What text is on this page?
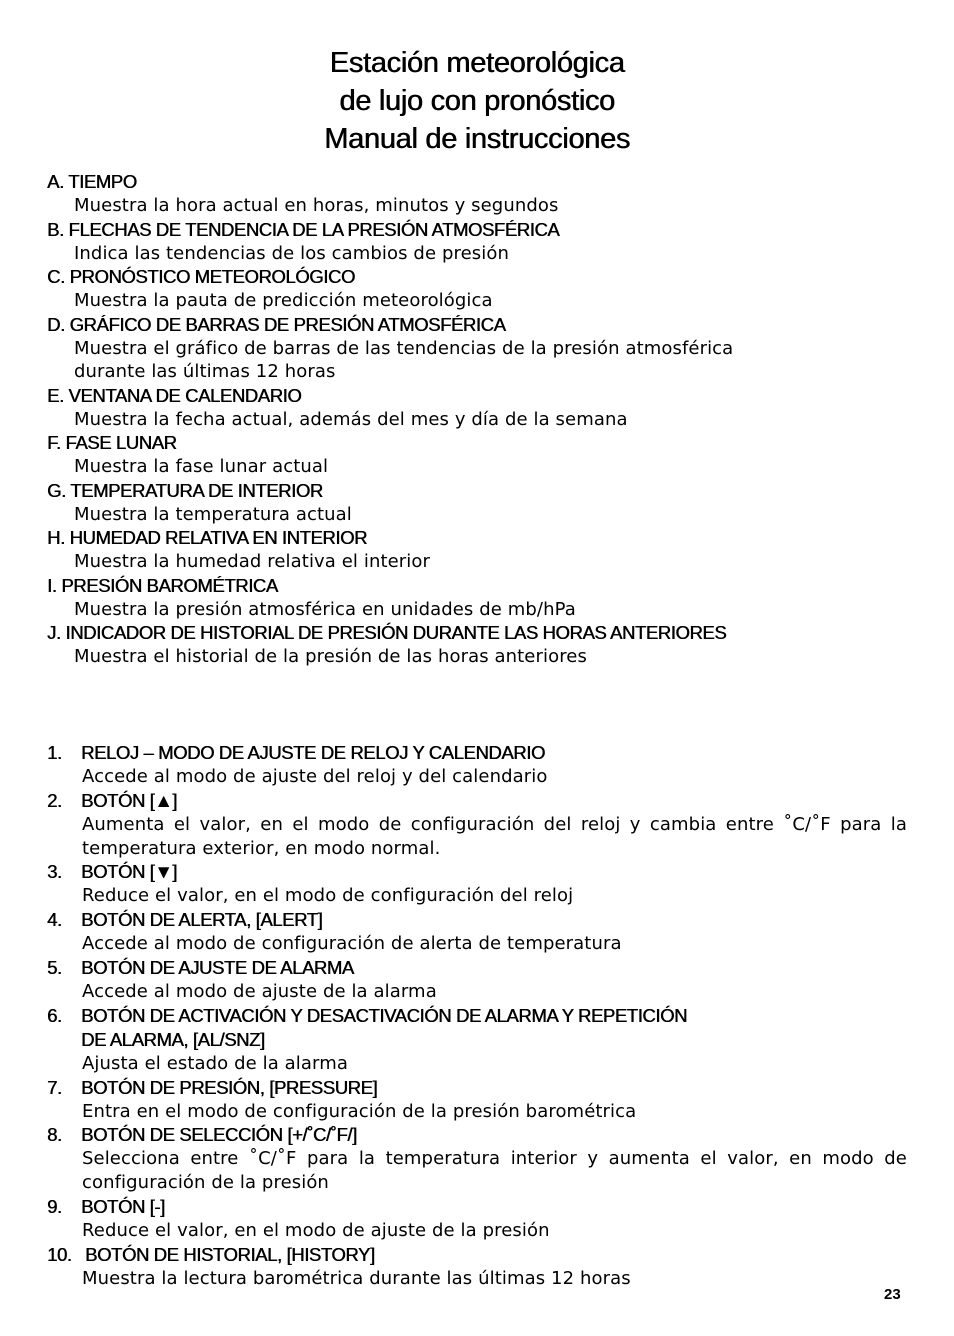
Estación meteorológica
de lujo con pronóstico
Manual de instrucciones
A. TIEMPO
Muestra la hora actual en horas, minutos y segundos
B. FLECHAS DE TENDENCIA DE LA PRESIÓN ATMOSFÉRICA
Indica las tendencias de los cambios de presión
C. PRONÓSTICO METEOROLÓGICO
Muestra la pauta de predicción meteorológica
D. GRÁFICO DE BARRAS DE PRESIÓN ATMOSFÉRICA
Muestra el gráfico de barras de las tendencias de la presión atmosférica
durante las últimas 12 horas
E. VENTANA DE CALENDARIO
Muestra la fecha actual, además del mes y día de la semana
F. FASE LUNAR
Muestra la fase lunar actual
G. TEMPERATURA DE INTERIOR
Muestra la temperatura actual
H. HUMEDAD RELATIVA EN INTERIOR
Muestra la humedad relativa el interior
I. PRESIÓN BAROMÉTRICA
Muestra la presión atmosférica en unidades de mb/hPa
J. INDICADOR DE HISTORIAL DE PRESIÓN DURANTE LAS HORAS ANTERIORES
Muestra el historial de la presión de las horas anteriores
1.	RELOJ – MODO DE AJUSTE DE RELOJ Y CALENDARIO
Accede al modo de ajuste del reloj y del calendario
2.	BOTÓN [▲]
Aumenta el valor, en el modo de configuración del reloj y cambia entre ˚C/˚F para la temperatura exterior, en modo normal.
3.	BOTÓN [▼]
Reduce el valor, en el modo de configuración del reloj
4.	BOTÓN DE ALERTA, [ALERT]
Accede al modo de configuración de alerta de temperatura
5.	BOTÓN DE AJUSTE DE ALARMA
Accede al modo de ajuste de la alarma
6.	BOTÓN DE ACTIVACIÓN Y DESACTIVACIÓN DE ALARMA Y REPETICIÓN
DE ALARMA, [AL/SNZ]
Ajusta el estado de la alarma
7.	BOTÓN DE PRESIÓN, [PRESSURE]
Entra en el modo de configuración de la presión barométrica
8.	BOTÓN DE SELECCIÓN [+/˚C/˚F/]
Selecciona entre ˚C/˚F para la temperatura interior y aumenta el valor, en modo de configuración de la presión
9.	BOTÓN [-]
Reduce el valor, en el modo de ajuste de la presión
10. BOTÓN DE HISTORIAL, [HISTORY]
Muestra la lectura barométrica durante las últimas 12 horas
23
